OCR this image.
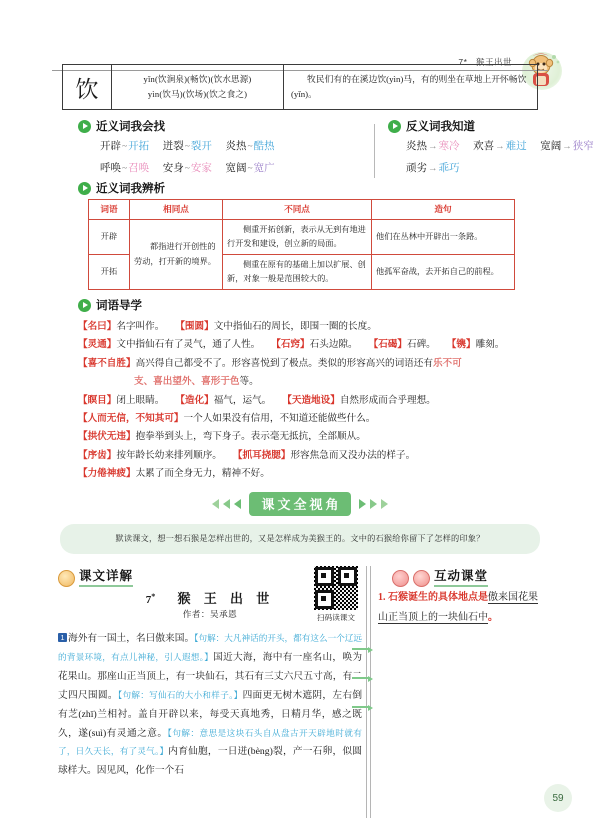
7* 猴王出世
饮	yǐn(饮涧泉)(畅饮)(饮水思源)
yìn(饮马)(饮场)(饮之食之)

牧民们有的在溪边饮(yìn)马，有的则坐在草地上开怀畅饮(yǐn)。

近义词我会找
开辟~开拓 迸裂~裂开 炎热~酷热
呼唤~召唤 安身~安家 宽阔~宽广
反义词我知道
炎热→寒冷 欢喜→难过 宽阔→狭窄
顽劣→乖巧
近义词我辨析
词语	相同点	不同点	造句
开辟	都指进行开创性的劳动，打开新的境界。	侧重开拓创新，表示从无到有地进行开发和建设，创立新的局面。	他们在丛林中开辟出一条路。
开拓		侧重在原有的基础上加以扩展、创新，对象一般是范围较大的。	他孤军奋战，去开拓自己的前程。
词语导学

【名曰】名字叫作。 【围圆】文中指仙石的周长，即围一圈的长度。

【灵通】文中指仙石有了灵气，通了人性。 【石窍】石头边隙。 【石碣】石碑。 【镌】雕刻。

【喜不自胜】高兴得自己都受不了。形容喜悦到了极点。类似的形容高兴的词语还有乐不可

支、喜出望外、喜形于色等。

【瞑目】闭上眼睛。 【造化】福气，运气。 【天造地设】自然形成而合乎理想。

【人而无信，不知其可】一个人如果没有信用，不知道还能做些什么。

【拱伏无违】抱拳举到头上，弯下身子。表示毫无抵抗，全部顺从。

【序齿】按年龄长幼来排列顺序。 【抓耳挠腮】形容焦急而又没办法的样子。

【力倦神疲】太累了而全身无力，精神不好。

课文全视角

默读课文，想一想石猴是怎样出世的，又是怎样成为美猴王的。文中的石猴给你留下了怎样的印象？

课文详解
7* 猴 王 出 世
作者：吴承恩	扫码读课文

1 海外有一国土，名曰傲来国。【句解：大凡神话的开头，都有这么一个辽远的背景环境，有点儿神秘，引人遐想。】国近大海，海中有一座名山，唤为花果山。那座山正当顶上，有一块仙石，其石有三丈六尺五寸高，有二丈四尺围圆。【句解：写仙石的大小和样子。】四面更无树木遮阴，左右倒有芝(zhī)兰相衬。盖自开辟以来，每受天真地秀，日精月华，感之既久，遂(suì)有灵通之意。【句解：意思是这块石头自从盘古开天辟地时就有了，日久天长，有了灵气。】内育仙胞，一日迸(bèng)裂，产一石卵，似圆球样大。因见风，化作一个石

互动课堂

1. 石猴诞生的具体地点是傲来国花果山正当顶上的一块仙石中。

59
